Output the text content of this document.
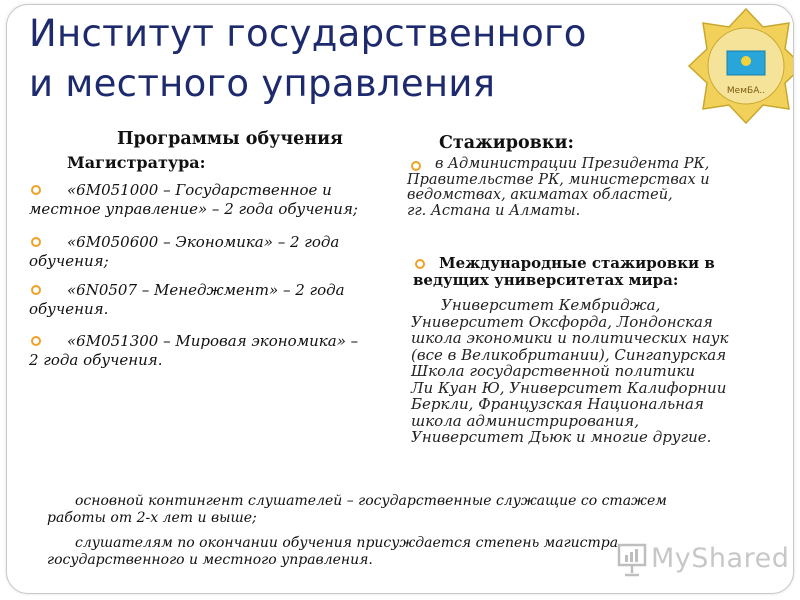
Институт государственного
и местного управления	МемБА..
Программы обучения
Магистратура:
«6М051000 – Государственное и
местное управление» – 2 года обучения;
«6М050600 – Экономика» – 2 года
обучения;
«6N0507 – Менеджмент» – 2 года
обучения.
«6М051300 – Мировая экономика» –
2 года обучения.
Стажировки:
в Администрации Президента РК,
Правительстве РК, министерствах и
ведомствах, акиматах областей,
гг. Астана и Алматы.
Международные стажировки в
ведущих университетах мира:
Университет Кембриджа,
Университет Оксфорда, Лондонская
школа экономики и политических наук
(все в Великобритании), Сингапурская
Школа государственной политики
Ли Куан Ю, Университет Калифорнии
Беркли, Французская Национальная
школа администрирования,
Университет Дьюк и многие другие.
основной контингент слушателей – государственные служащие со стажем
работы от 2-х лет и выше;
слушателям по окончании обучения присуждается степень магистра
государственного и местного управления.	MyShared
